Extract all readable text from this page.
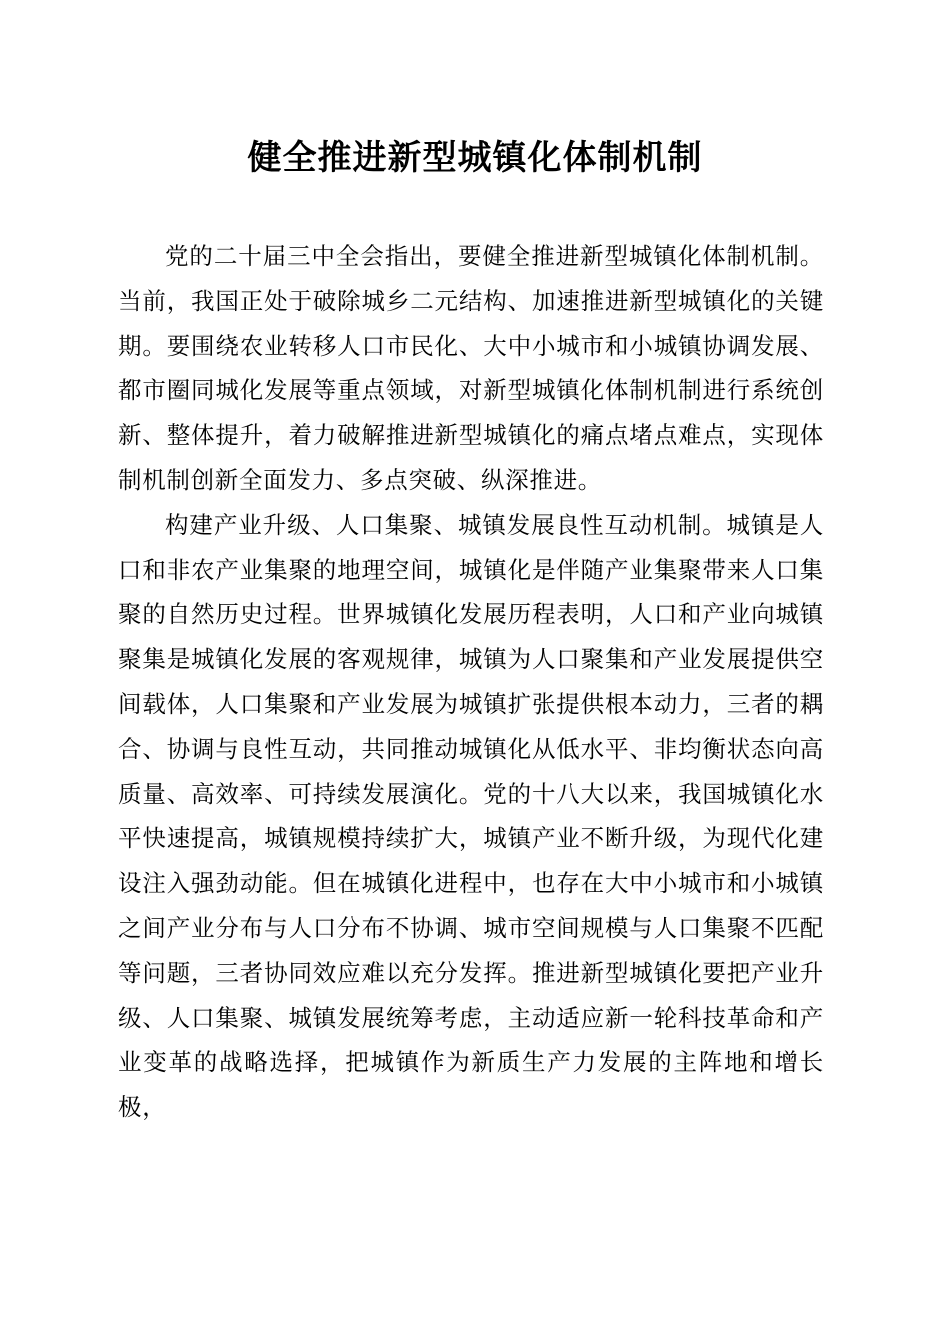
健全推进新型城镇化体制机制

党的二十届三中全会指出，要健全推进新型城镇化体制机制。当前，我国正处于破除城乡二元结构、加速推进新型城镇化的关键期。要围绕农业转移人口市民化、大中小城市和小城镇协调发展、都市圈同城化发展等重点领域，对新型城镇化体制机制进行系统创新、整体提升，着力破解推进新型城镇化的痛点堵点难点，实现体制机制创新全面发力、多点突破、纵深推进。

构建产业升级、人口集聚、城镇发展良性互动机制。城镇是人口和非农产业集聚的地理空间，城镇化是伴随产业集聚带来人口集聚的自然历史过程。世界城镇化发展历程表明，人口和产业向城镇聚集是城镇化发展的客观规律，城镇为人口聚集和产业发展提供空间载体，人口集聚和产业发展为城镇扩张提供根本动力，三者的耦合、协调与良性互动，共同推动城镇化从低水平、非均衡状态向高质量、高效率、可持续发展演化。党的十八大以来，我国城镇化水平快速提高，城镇规模持续扩大，城镇产业不断升级，为现代化建设注入强劲动能。但在城镇化进程中，也存在大中小城市和小城镇之间产业分布与人口分布不协调、城市空间规模与人口集聚不匹配等问题，三者协同效应难以充分发挥。推进新型城镇化要把产业升级、人口集聚、城镇发展统筹考虑，主动适应新一轮科技革命和产业变革的战略选择，把城镇作为新质生产力发展的主阵地和增长极，
